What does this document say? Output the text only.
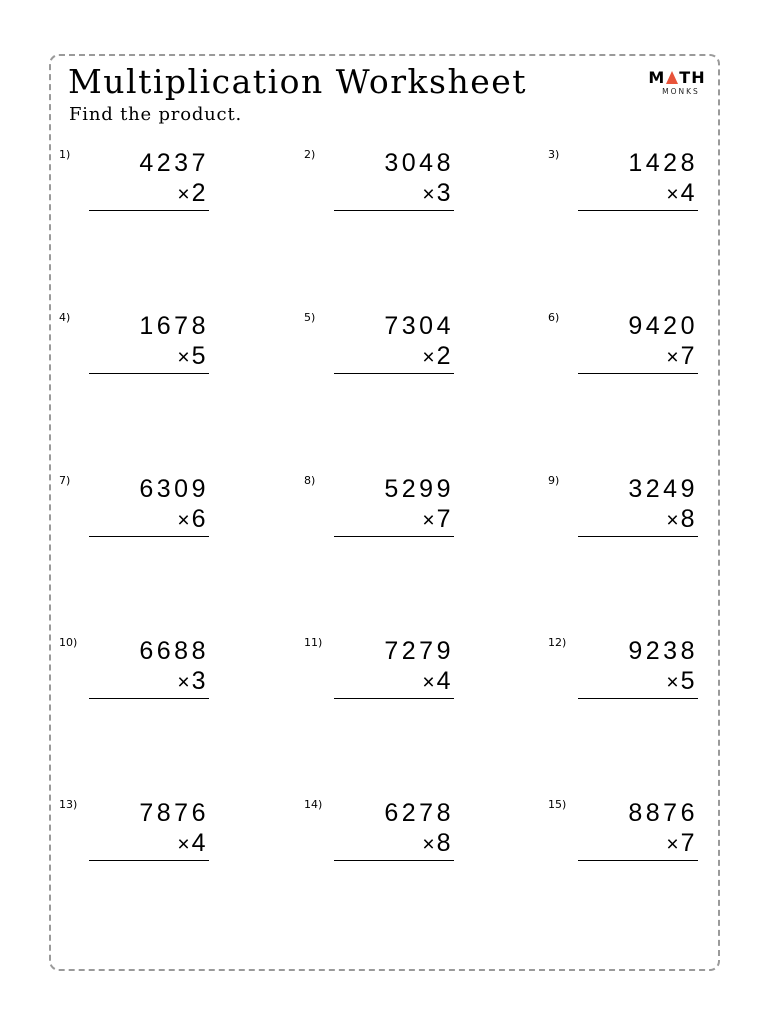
Multiplication Worksheet

Find the product.

M TH
MONKS
1)	4237
×2
2)	3048
×3
3)	1428
×4
4)	1678
×5
5)	7304
×2
6)	9420
×7
7)	6309
×6
8)	5299
×7
9)	3249
×8
10) 6688
×3
11) 7279
×4
12) 9238
×5
13) 7876
×4
14) 6278
×8
15) 8876
×7
